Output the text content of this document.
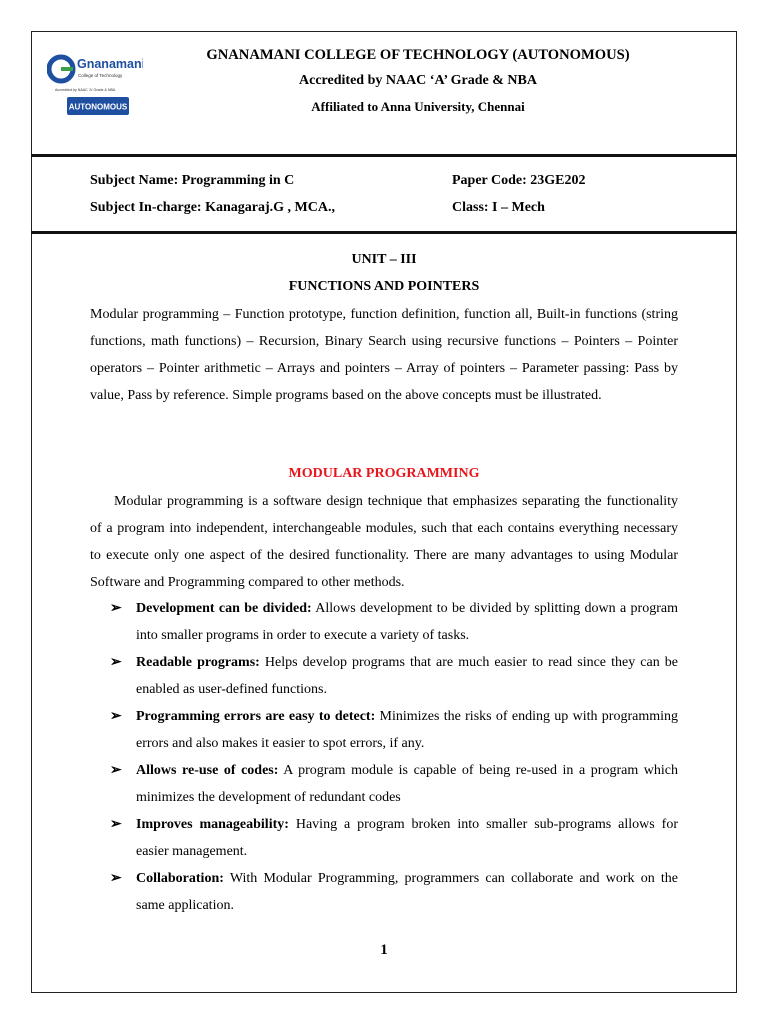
Gnanamani
College of Technology
Accredited by NAAC 'A' Grade & NBA
AUTONOMOUS
GNANAMANI COLLEGE OF TECHNOLOGY (AUTONOMOUS)
Accredited by NAAC ‘A’ Grade & NBA
Affiliated to Anna University, Chennai
Subject Name: Programming in C	Paper Code: 23GE202
Subject In-charge: Kanagaraj.G , MCA.,	Class: I – Mech
UNIT – III
FUNCTIONS AND POINTERS
Modular programming – Function prototype, function definition, function all, Built-in functions (string functions, math functions) – Recursion, Binary Search using recursive functions – Pointers – Pointer operators – Pointer arithmetic – Arrays and pointers – Array of pointers – Parameter passing: Pass by value, Pass by reference. Simple programs based on the above concepts must be illustrated.
MODULAR PROGRAMMING
Modular programming is a software design technique that emphasizes separating the functionality of a program into independent, interchangeable modules, such that each contains everything necessary to execute only one aspect of the desired functionality. There are many advantages to using Modular Software and Programming compared to other methods.
➢ Development can be divided: Allows development to be divided by splitting down a program into smaller programs in order to execute a variety of tasks.
➢ Readable programs: Helps develop programs that are much easier to read since they can be enabled as user-defined functions.
➢ Programming errors are easy to detect: Minimizes the risks of ending up with programming errors and also makes it easier to spot errors, if any.
➢ Allows re-use of codes: A program module is capable of being re-used in a program which minimizes the development of redundant codes
➢ Improves manageability: Having a program broken into smaller sub-programs allows for easier management.
➢ Collaboration: With Modular Programming, programmers can collaborate and work on the same application.
1
